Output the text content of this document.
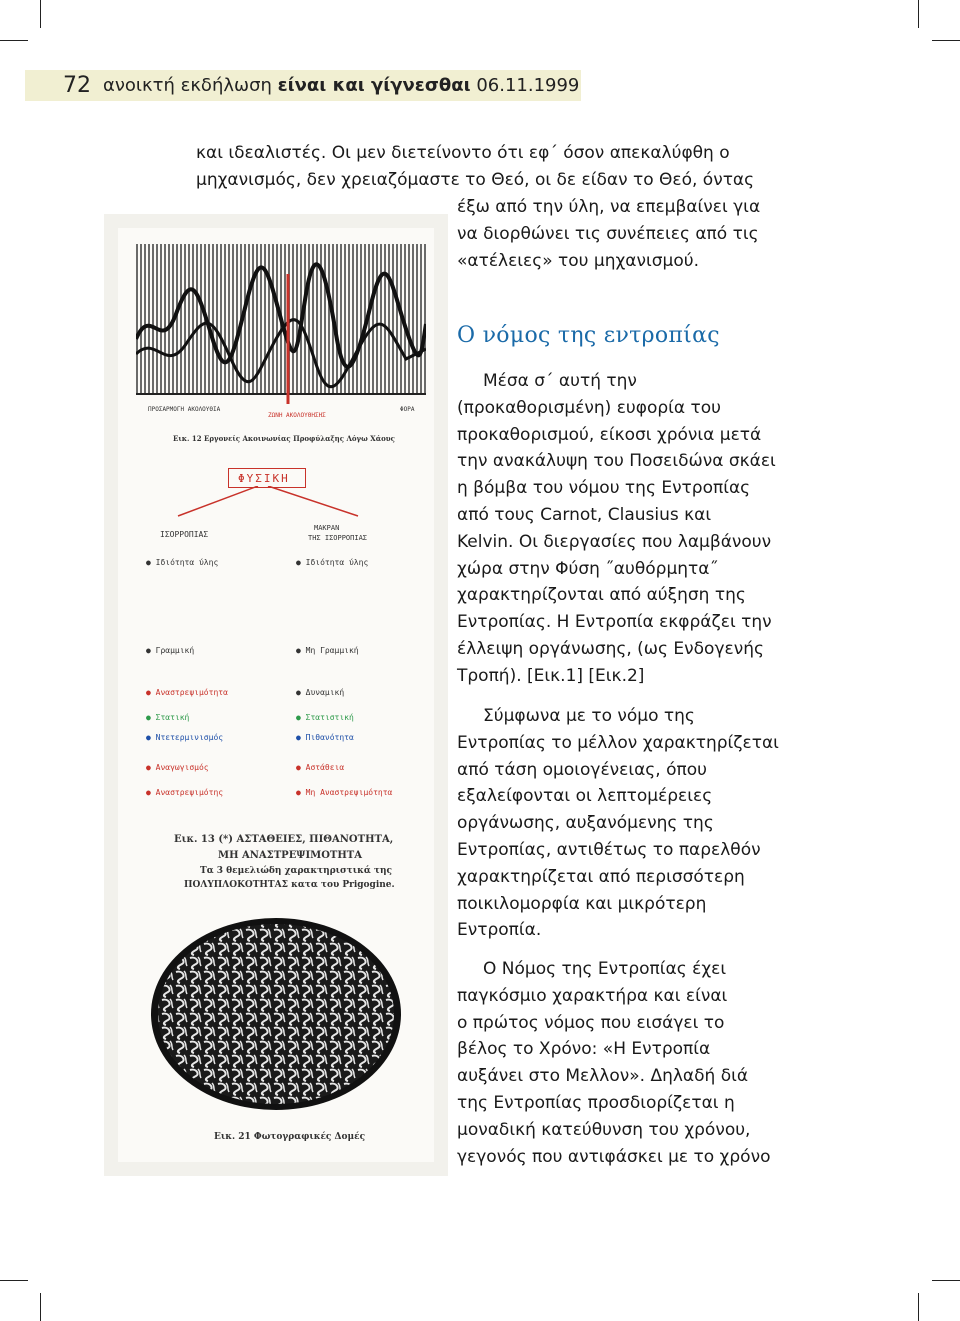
72 ανοικτή εκδήλωση είναι και γίγνεσθαι 06.11.1999
και ιδεαλιστές. Οι μεν διετείνοντο ότι εφ΄ όσον απεκαλύφθη ο
μηχανισμός, δεν χρειαζόμαστε το Θεό, οι δε είδαν το Θεό, όντας
έξω από την ύλη, να επεμβαίνει για
να διορθώνει τις συνέπειες από τις
«ατέλειες» του μηχανισμού.
Ο νόμος της εντροπίας

Μέσα σ΄ αυτή την

(προκαθορισμένη) ευφορία του

προκαθορισμού, είκοσι χρόνια μετά

την ανακάλυψη του Ποσειδώνα σκάει

η βόμβα του νόμου της Εντροπίας

από τους Carnot, Clausius και

Kelvin. Οι διεργασίες που λαμβάνουν

χώρα στην Φύση ˝αυθόρμητα˝

χαρακτηρίζονται από αύξηση της

Εντροπίας. Η Εντροπία εκφράζει την

έλλειψη οργάνωσης, (ως Ενδογενής

Τροπή). [Εικ.1] [Εικ.2]

Σύμφωνα με το νόμο της

Εντροπίας το μέλλον χαρακτηρίζεται

από τάση ομοιογένειας, όπου

εξαλείφονται οι λεπτομέρειες

οργάνωσης, αυξανόμενης της

Εντροπίας, αντιθέτως το παρελθόν

χαρακτηρίζεται από περισσότερη

ποικιλομορφία και μικρότερη

Εντροπία.

Ο Νόμος της Εντροπίας έχει

παγκόσμιο χαρακτήρα και είναι

ο πρώτος νόμος που εισάγει το

βέλος το Χρόνο: «Η Εντροπία

αυξάνει στο Μελλον». Δηλαδή διά

της Εντροπίας προσδιορίζεται η

μοναδική κατεύθυνση του χρόνου,

γεγονός που αντιφάσκει με το χρόνο

ΠΡΟΣΑΡΜΟΓΗ ΑΚΟΛΟΥΘΙΑ
ΖΩΝΗ ΑΚΟΛΟΥΘΗΣΗΣ
ΦΟΡΑ
Εικ. 12 Εργονείς Ακοινωνίας Προφύλαξης Λόγω Χάους
ΦΥΣΙΚΗ
ΙΣΟΡΡΟΠΙΑΣ
ΜΑΚΡΑΝ
ΤΗΣ ΙΣΟΡΡΟΠΙΑΣ
● Ιδιότητα ύλης
● Γραμμική
● Αναστρεψιμότητα
● Στατική
● Ντετερμινισμός
● Αναγωγισμός
● Αναστρεψιμότης
● Ιδιότητα ύλης
● Μη Γραμμική
● Δυναμική
● Στατιστική
● Πιθανότητα
● Αστάθεια
● Μη Αναστρεψιμότητα
Εικ. 13 (*) ΑΣΤΑΘΕΙΕΣ, ΠΙΘΑΝΟΤΗΤΑ,
ΜΗ ΑΝΑΣΤΡΕΨΙΜΟΤΗΤΑ
Τα 3 θεμελιώδη χαρακτηριστικά της
ΠΟΛΥΠΛΟΚΟΤΗΤΑΣ κατα του Prigogine.
Εικ. 21 Φωτογραφικές Δομές
